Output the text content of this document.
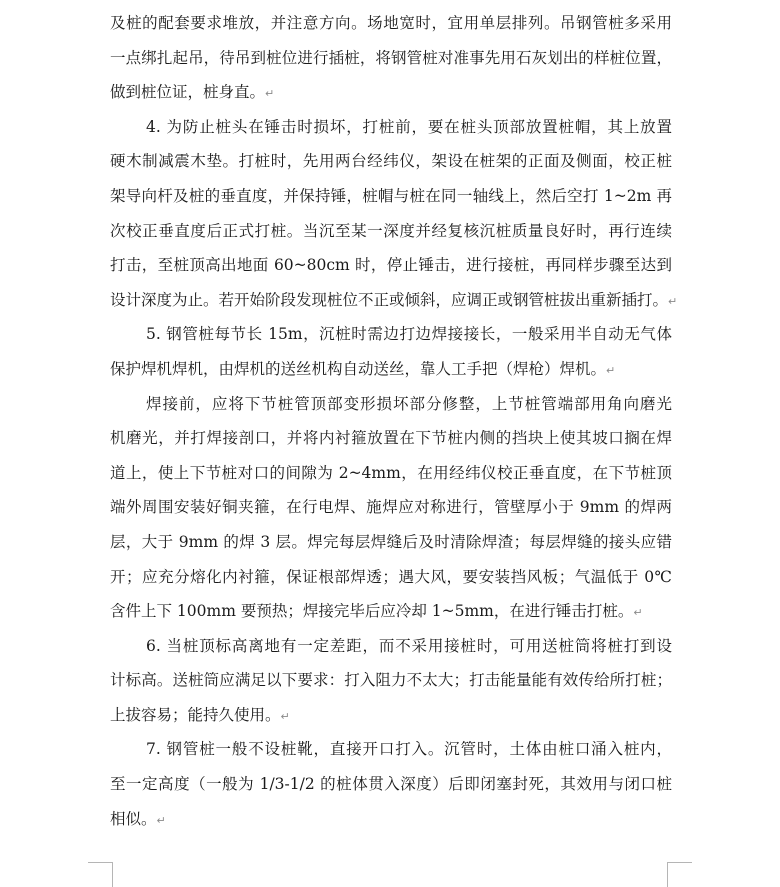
及桩的配套要求堆放，并注意方向。场地宽时，宜用单层排列。吊钢管桩多采用
一点绑扎起吊，待吊到桩位进行插桩，将钢管桩对准事先用石灰划出的样桩位置，
做到桩位证，桩身直。↵
4. 为防止桩头在锤击时损坏，打桩前，要在桩头顶部放置桩帽，其上放置
硬木制减震木垫。打桩时，先用两台经纬仪，架设在桩架的正面及侧面，校正桩
架导向杆及桩的垂直度，并保持锤，桩帽与桩在同一轴线上，然后空打 1~2m 再
次校正垂直度后正式打桩。当沉至某一深度并经复核沉桩质量良好时，再行连续
打击，至桩顶高出地面 60~80cm 时，停止锤击，进行接桩，再同样步骤至达到
设计深度为止。若开始阶段发现桩位不正或倾斜，应调正或钢管桩拔出重新插打。↵
5. 钢管桩每节长 15m，沉桩时需边打边焊接接长，一般采用半自动无气体
保护焊机焊机，由焊机的送丝机构自动送丝，靠人工手把（焊枪）焊机。↵
焊接前，应将下节桩管顶部变形损坏部分修整，上节桩管端部用角向磨光
机磨光，并打焊接剖口，并将内衬箍放置在下节桩内侧的挡块上使其坡口搁在焊
道上，使上下节桩对口的间隙为 2~4mm，在用经纬仪校正垂直度，在下节桩顶
端外周围安装好铜夹箍，在行电焊、施焊应对称进行，管壁厚小于 9mm 的焊两
层，大于 9mm 的焊 3 层。焊完每层焊缝后及时清除焊渣；每层焊缝的接头应错
开；应充分熔化内衬箍，保证根部焊透；遇大风，要安装挡风板；气温低于 0℃
含件上下 100mm 要预热；焊接完毕后应冷却 1~5mm，在进行锤击打桩。↵
6. 当桩顶标高离地有一定差距，而不采用接桩时，可用送桩筒将桩打到设
计标高。送桩筒应满足以下要求：打入阻力不太大；打击能量能有效传给所打桩；
上拔容易；能持久使用。↵
7. 钢管桩一般不设桩靴，直接开口打入。沉管时，土体由桩口涌入桩内，
至一定高度（一般为 1/3-1/2 的桩体贯入深度）后即闭塞封死，其效用与闭口桩
相似。↵
